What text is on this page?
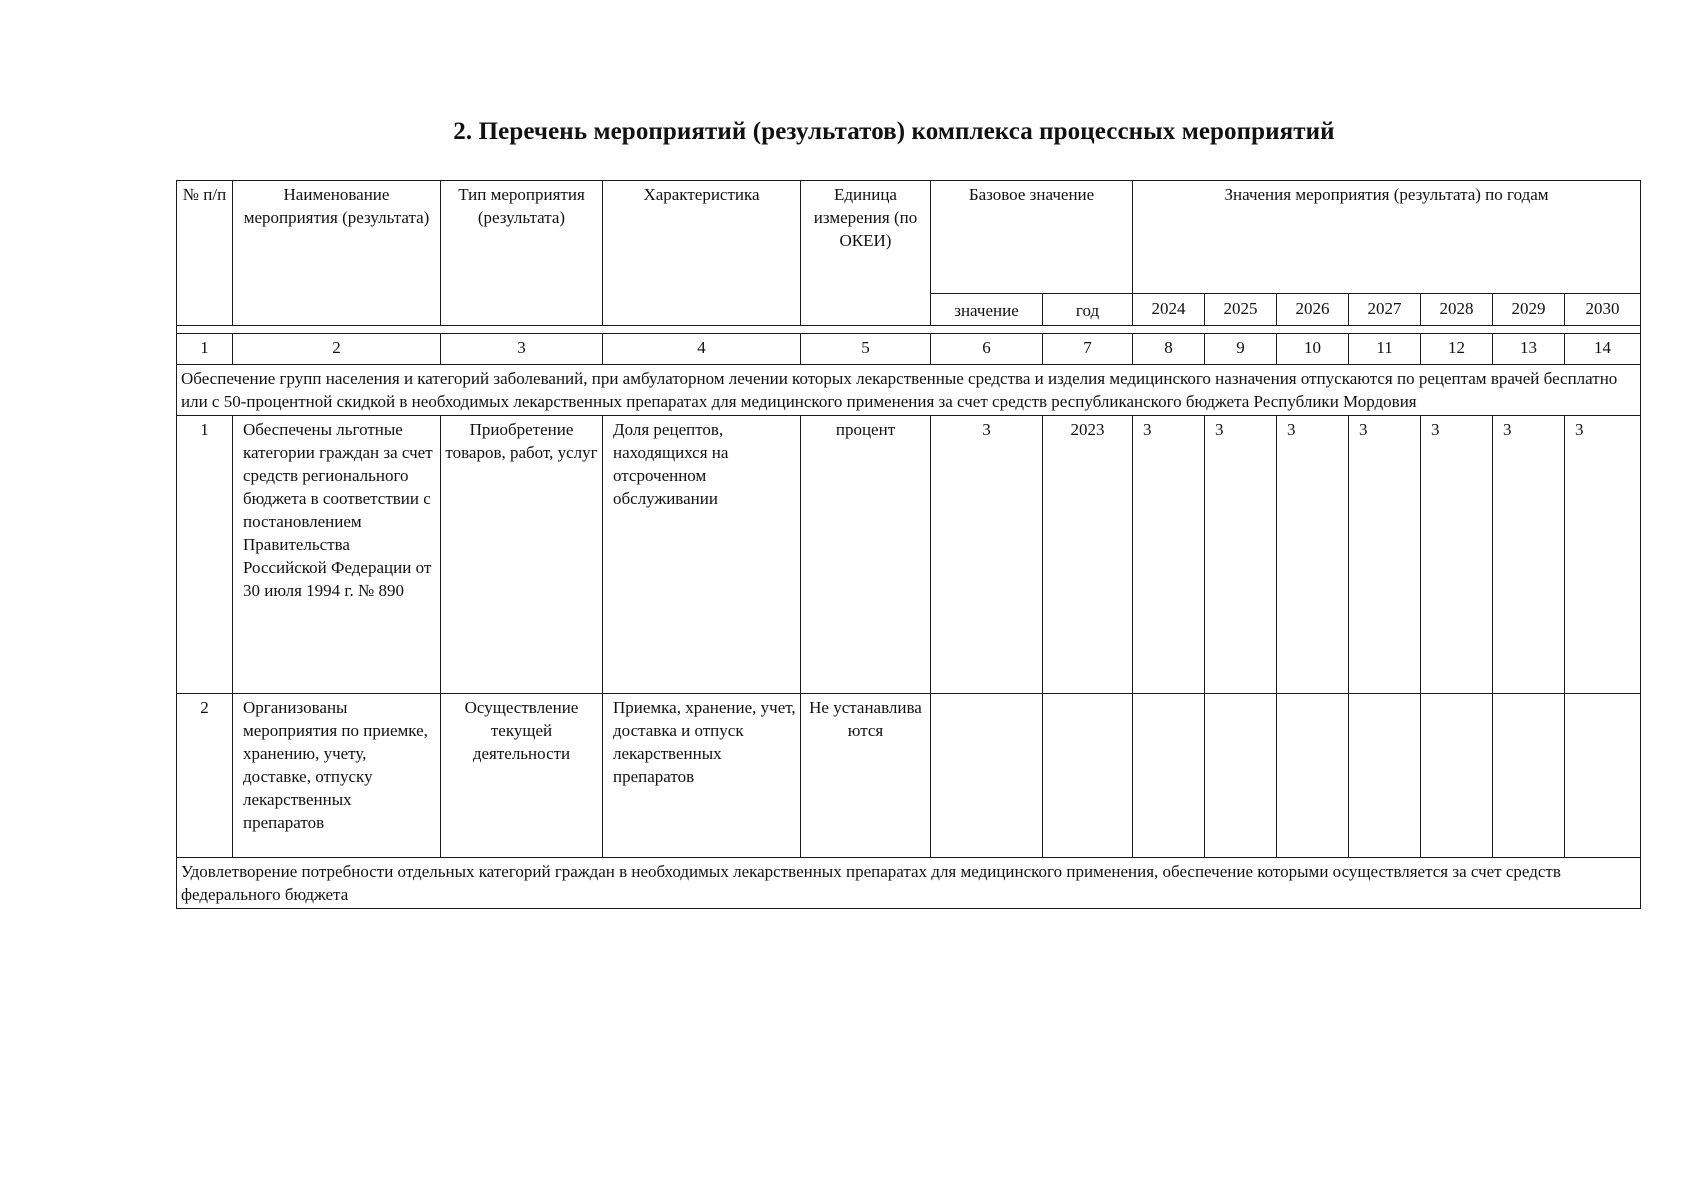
2. Перечень мероприятий (результатов) комплекса процессных мероприятий
№ п/п	Наименование мероприятия (результата)	Тип мероприятия (результата)	Характеристика	Единица измерения (по ОКЕИ)	Базовое значение		Значения мероприятия (результата) по годам						
					значение	год	2024	2025	2026	2027	2028	2029	2030

1	2	3	4	5	6	7	8	9	10	11	12	13	14
Обеспечение групп населения и категорий заболеваний, при амбулаторном лечении которых лекарственные средства и изделия медицинского назначения отпускаются по рецептам врачей бесплатно или с 50-процентной скидкой в необходимых лекарственных препаратах для медицинского применения за счет средств республиканского бюджета Республики Мордовия													
1	Обеспечены льготные категории граждан за счет средств регионального бюджета в соответствии с постановлением Правительства Российской Федерации от 30 июля 1994 г. № 890	Приобретение товаров, работ, услуг	Доля рецептов, находящихся на отсроченном обслуживании	процент	3	2023	3	3	3	3	3	3	3
2	Организованы мероприятия по приемке, хранению, учету, доставке, отпуску лекарственных препаратов	Осуществление текущей деятельности	Приемка, хранение, учет, доставка и отпуск лекарственных препаратов	Не устанавлива ются									
Удовлетворение потребности отдельных категорий граждан в необходимых лекарственных препаратах для медицинского применения, обеспечение которыми осуществляется за счет средств федерального бюджета													
